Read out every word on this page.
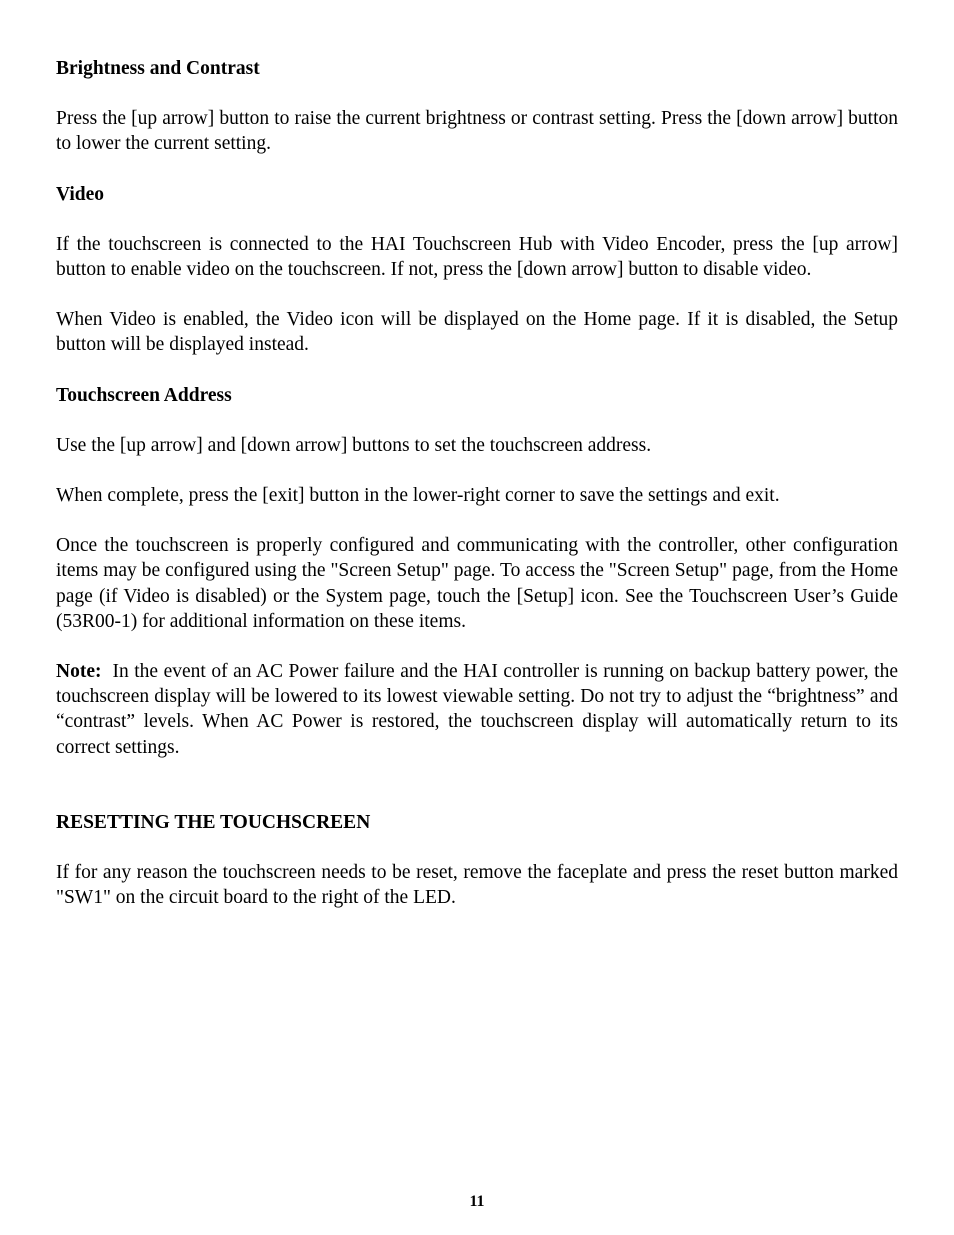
Brightness and Contrast

Press the [up arrow] button to raise the current brightness or contrast setting. Press the [down arrow] button to lower the current setting.

Video

If the touchscreen is connected to the HAI Touchscreen Hub with Video Encoder, press the [up arrow] button to enable video on the touchscreen. If not, press the [down arrow] button to disable video.

When Video is enabled, the Video icon will be displayed on the Home page. If it is disabled, the Setup button will be displayed instead.

Touchscreen Address

Use the [up arrow] and [down arrow] buttons to set the touchscreen address.

When complete, press the [exit] button in the lower-right corner to save the settings and exit.

Once the touchscreen is properly configured and communicating with the controller, other configuration items may be configured using the "Screen Setup" page. To access the "Screen Setup" page, from the Home page (if Video is disabled) or the System page, touch the [Setup] icon. See the Touchscreen User’s Guide (53R00-1) for additional information on these items.

Note: In the event of an AC Power failure and the HAI controller is running on backup battery power, the touchscreen display will be lowered to its lowest viewable setting. Do not try to adjust the “brightness” and “contrast” levels. When AC Power is restored, the touchscreen display will automatically return to its correct settings.

RESETTING THE TOUCHSCREEN

If for any reason the touchscreen needs to be reset, remove the faceplate and press the reset button marked "SW1" on the circuit board to the right of the LED.

11
